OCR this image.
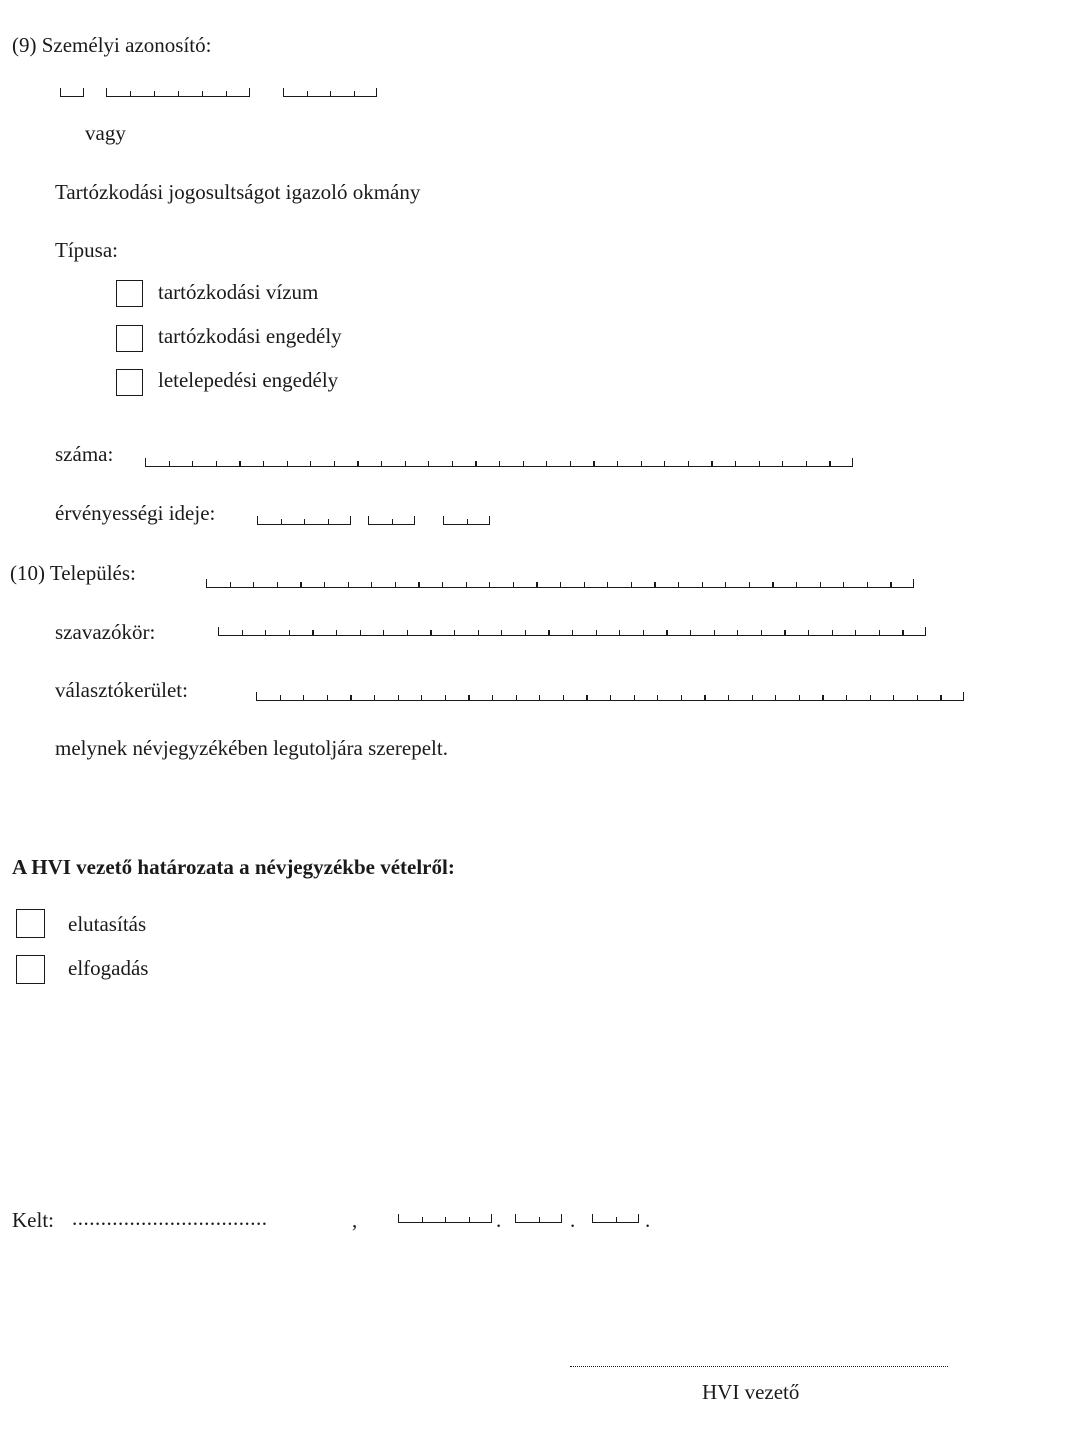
(9) Személyi azonosító:
vagy
Tartózkodási jogosultságot igazoló okmány
Típusa:
tartózkodási vízum
tartózkodási engedély
letelepedési engedély
száma:
érvényességi ideje:
(10) Település:
szavazókör:
választókerület:
melynek névjegyzékében legutoljára szerepelt.
A HVI vezető határozata a névjegyzékbe vételről:
elutasítás
elfogadás
Kelt: ..................................	,	.	.	.
HVI vezető
